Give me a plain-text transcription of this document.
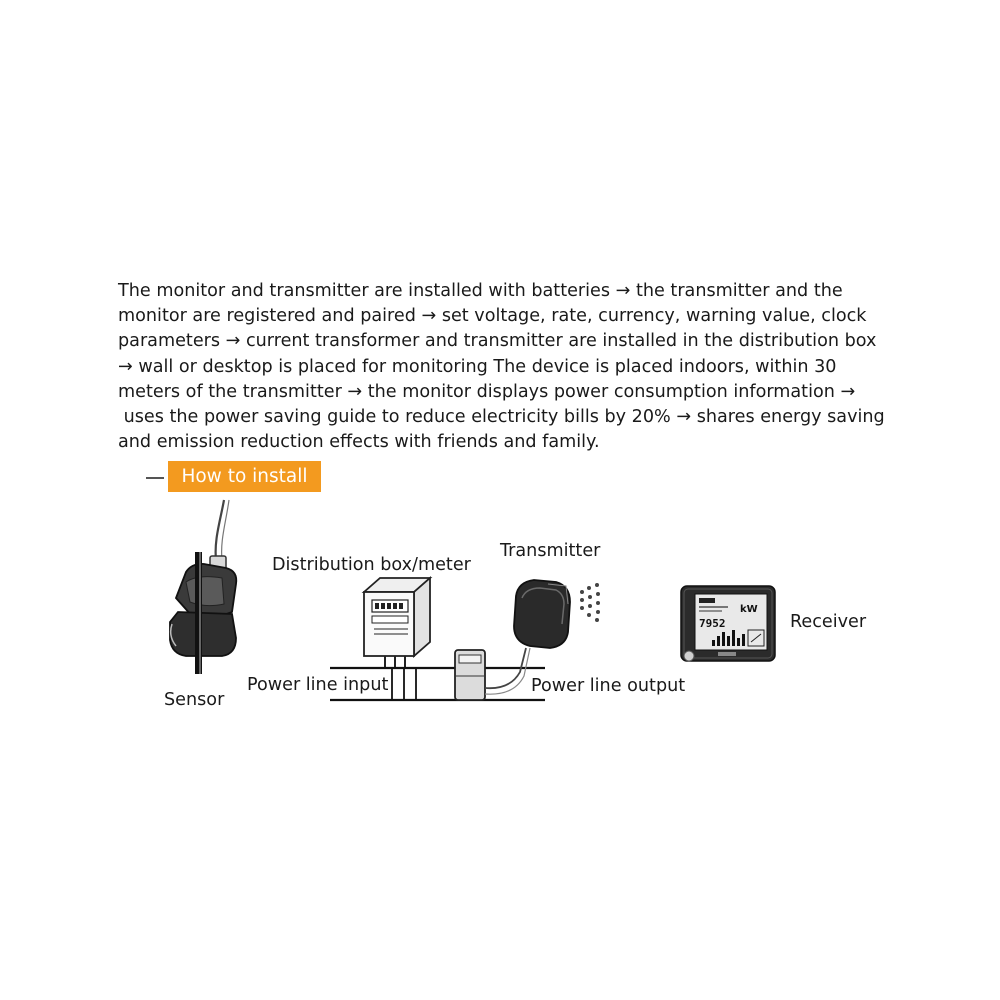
The monitor and transmitter are installed with batteries → the transmitter and the
monitor are registered and paired → set voltage, rate, currency, warning value, clock
parameters → current transformer and transmitter are installed in the distribution box
→ wall or desktop is placed for monitoring The device is placed indoors, within 30
meters of the transmitter → the monitor displays power consumption information →
uses the power saving guide to reduce electricity bills by 20% → shares energy saving
and emission reduction effects with friends and family.
How to install
Sensor
Distribution box/meter
Transmitter
7952
kW
Receiver
Power line input	Power line output
